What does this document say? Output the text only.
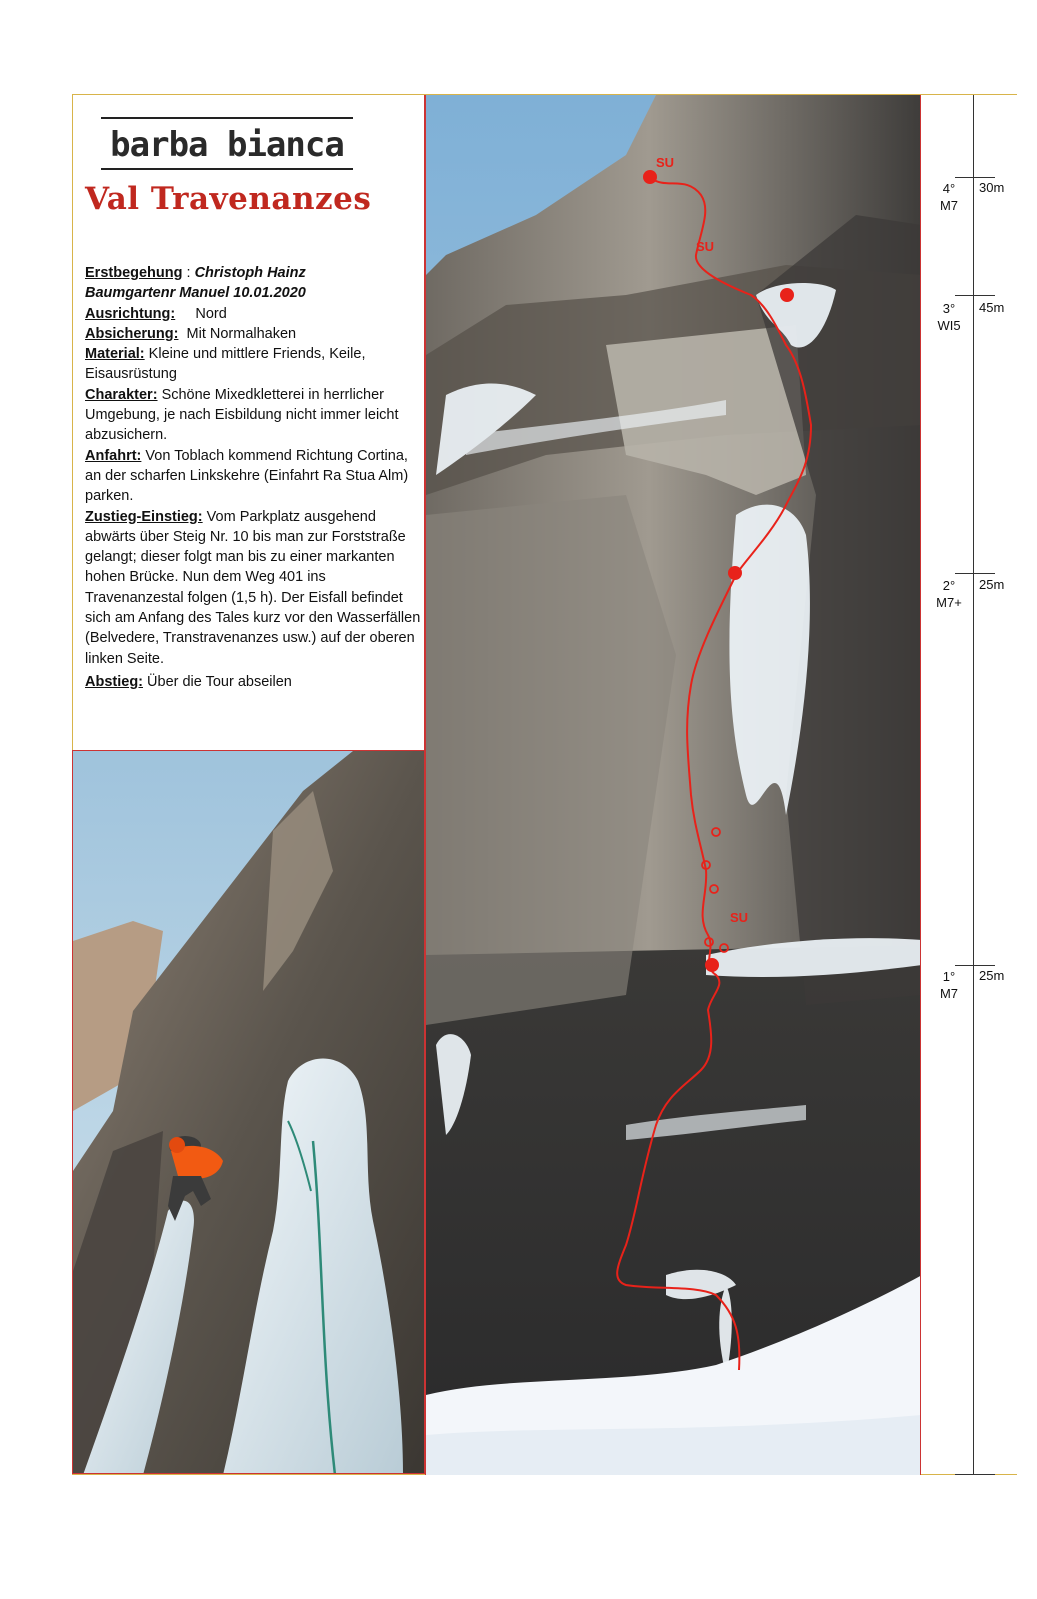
barba bianca
Val Travenanzes

Erstbegehung : Christoph Hainz

Baumgartenr Manuel 10.01.2020

Ausrichtung: Nord

Absicherung: Mit Normalhaken

Material: Kleine und mittlere Friends, Keile, Eisausrüstung

Charakter: Schöne Mixedkletterei in herrlicher Umgebung, je nach Eisbildung nicht immer leicht abzusichern.

Anfahrt: Von Toblach kommend Richtung Cortina, an der scharfen Linkskehre (Einfahrt Ra Stua Alm) parken.

Zustieg-Einstieg: Vom Parkplatz ausgehend abwärts über Steig Nr. 10 bis man zur Forststraße gelangt; dieser folgt man bis zu einer markanten hohen Brücke. Nun dem Weg 401 ins Travenanzestal folgen (1,5 h). Der Eisfall befindet sich am Anfang des Tales kurz vor den Wasserfällen (Belvedere, Transtravenanzes usw.) auf der oberen linken Seite.

Abstieg: Über die Tour abseilen

SU
SU
SU
4°
M7
30m
3°
WI5
45m
2°
M7+
25m
1°
M7
25m
